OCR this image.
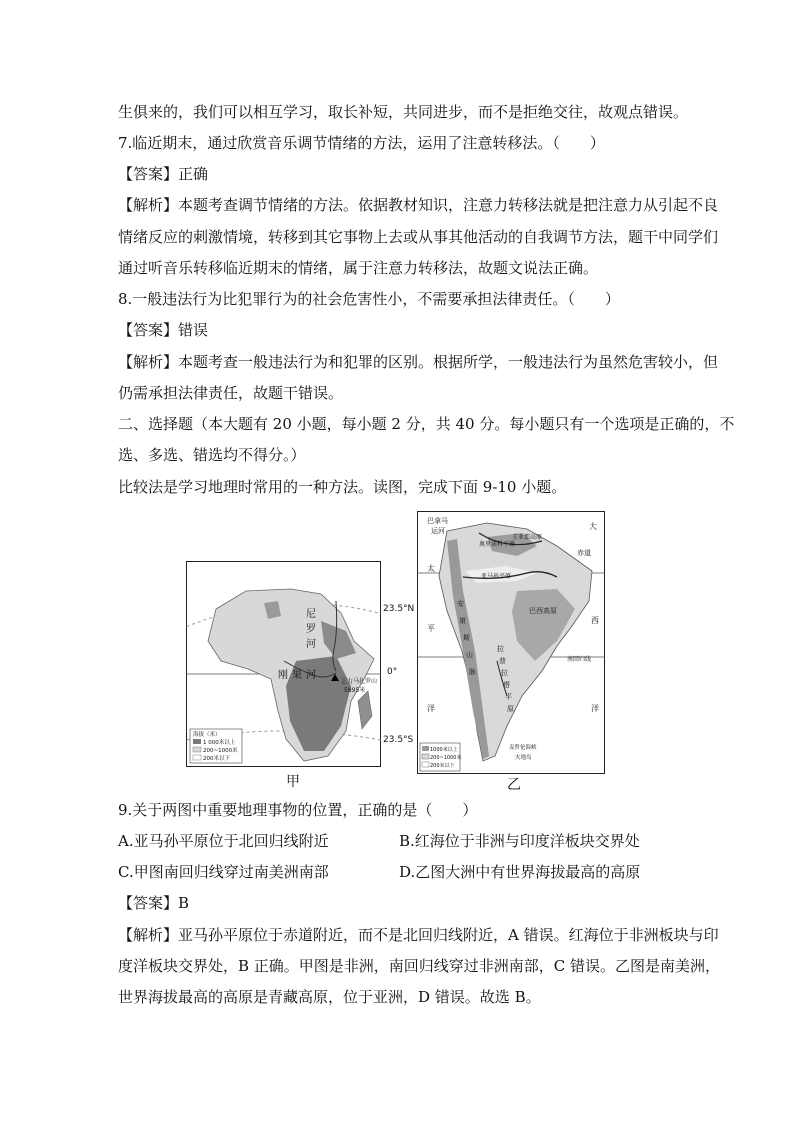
生俱来的，我们可以相互学习，取长补短，共同进步，而不是拒绝交往，故观点错误。
7.临近期末，通过欣赏音乐调节情绪的方法，运用了注意转移法。（　　）
【答案】正确
【解析】本题考查调节情绪的方法。依据教材知识，注意力转移法就是把注意力从引起不良
情绪反应的刺激情境，转移到其它事物上去或从事其他活动的自我调节方法，题干中同学们
通过听音乐转移临近期末的情绪，属于注意力转移法，故题文说法正确。
8.一般违法行为比犯罪行为的社会危害性小，不需要承担法律责任。（　　）
【答案】错误
【解析】本题考查一般违法行为和犯罪的区别。根据所学，一般违法行为虽然危害较小，但
仍需承担法律责任，故题干错误。
二、选择题（本大题有 20 小题，每小题 2 分，共 40 分。每小题只有一个选项是正确的，不
选、多选、错选均不得分。）
比较法是学习地理时常用的一种方法。读图，完成下面 9-10 小题。
尼
罗
河
刚 果 河
乞力马扎罗山
5895米
海拔（米）
1 000米以上
200~1000米
200米以下
23.5°N
0°
23.5°S
甲
巴拿马
运河
奥里诺科平原
圭亚那高原
亚马孙平原
巴西高原
南回归线
太
平
洋
大
西
洋
赤道
安
第
斯
山
脉
拉
普
拉
塔
平
原
麦哲伦海峡
火地岛
1000米以上
200~1000米
200米以下
乙
9.关于两图中重要地理事物的位置，正确的是（　　）
A.亚马孙平原位于北回归线附近	B.红海位于非洲与印度洋板块交界处
C.甲图南回归线穿过南美洲南部	D.乙图大洲中有世界海拔最高的高原
【答案】B
【解析】亚马孙平原位于赤道附近，而不是北回归线附近，A 错误。红海位于非洲板块与印
度洋板块交界处，B 正确。甲图是非洲，南回归线穿过非洲南部，C 错误。乙图是南美洲，
世界海拔最高的高原是青藏高原，位于亚洲，D 错误。故选 B。
